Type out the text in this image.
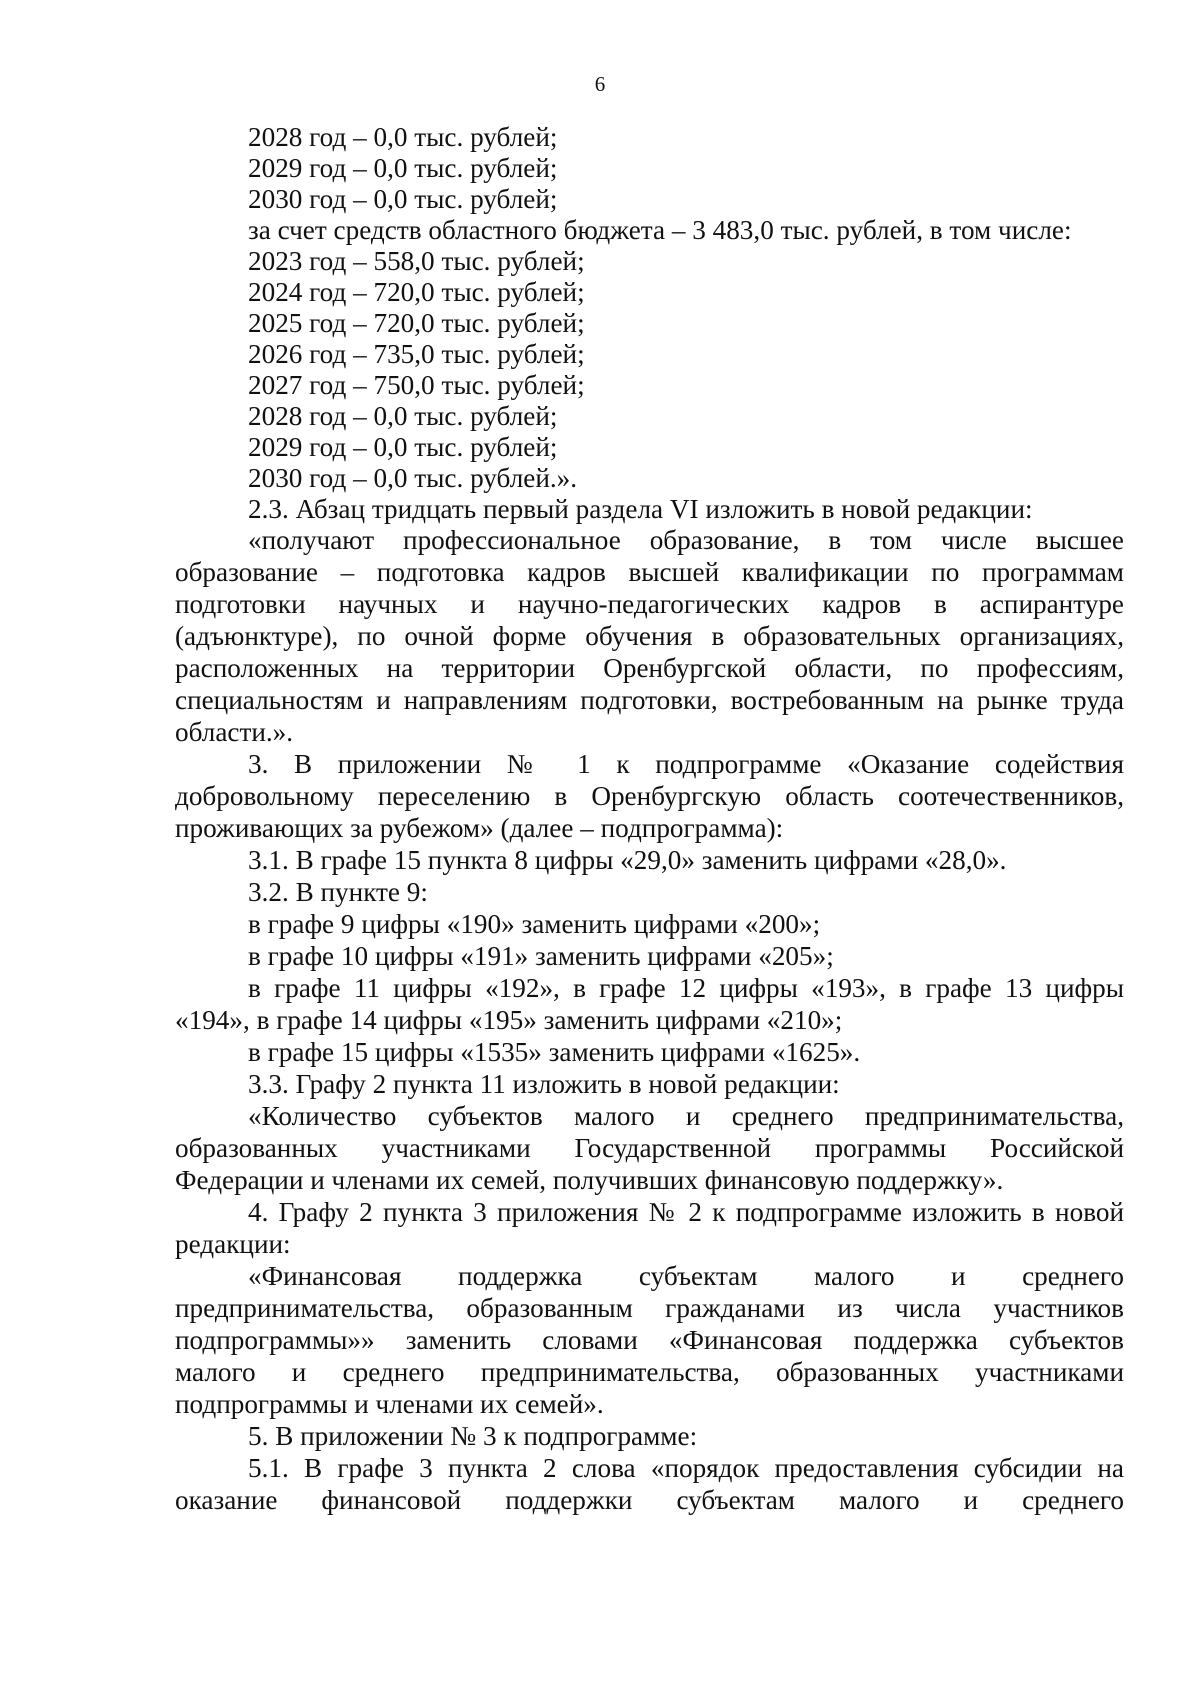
6
2028 год – 0,0 тыс. рублей;
2029 год – 0,0 тыс. рублей;
2030 год – 0,0 тыс. рублей;
за счет средств областного бюджета – 3 483,0 тыс. рублей, в том числе:
2023 год – 558,0 тыс. рублей;
2024 год – 720,0 тыс. рублей;
2025 год – 720,0 тыс. рублей;
2026 год – 735,0 тыс. рублей;
2027 год – 750,0 тыс. рублей;
2028 год – 0,0 тыс. рублей;
2029 год – 0,0 тыс. рублей;
2030 год – 0,0 тыс. рублей.».
2.3. Абзац тридцать первый раздела VI изложить в новой редакции:
«получают профессиональное образование, в том числе высшее
образование – подготовка кадров высшей квалификации по программам
подготовки научных и научно-педагогических кадров в аспирантуре
(адъюнктуре), по очной форме обучения в образовательных организациях,
расположенных на территории Оренбургской области, по профессиям,
специальностям и направлениям подготовки, востребованным на рынке труда
области.».
3. В приложении № 1 к подпрограмме «Оказание содействия
добровольному переселению в Оренбургскую область соотечественников,
проживающих за рубежом» (далее – подпрограмма):
3.1. В графе 15 пункта 8 цифры «29,0» заменить цифрами «28,0».
3.2. В пункте 9:
в графе 9 цифры «190» заменить цифрами «200»;
в графе 10 цифры «191» заменить цифрами «205»;
в графе 11 цифры «192», в графе 12 цифры «193», в графе 13 цифры
«194», в графе 14 цифры «195» заменить цифрами «210»;
в графе 15 цифры «1535» заменить цифрами «1625».
3.3. Графу 2 пункта 11 изложить в новой редакции:
«Количество субъектов малого и среднего предпринимательства,
образованных участниками Государственной программы Российской
Федерации и членами их семей, получивших финансовую поддержку».
4. Графу 2 пункта 3 приложения № 2 к подпрограмме изложить в новой
редакции:
«Финансовая поддержка субъектам малого и среднего
предпринимательства, образованным гражданами из числа участников
подпрограммы»» заменить словами «Финансовая поддержка субъектов
малого и среднего предпринимательства, образованных участниками
подпрограммы и членами их семей».
5. В приложении № 3 к подпрограмме:
5.1. В графе 3 пункта 2 слова «порядок предоставления субсидии на
оказание финансовой поддержки субъектам малого и среднего
